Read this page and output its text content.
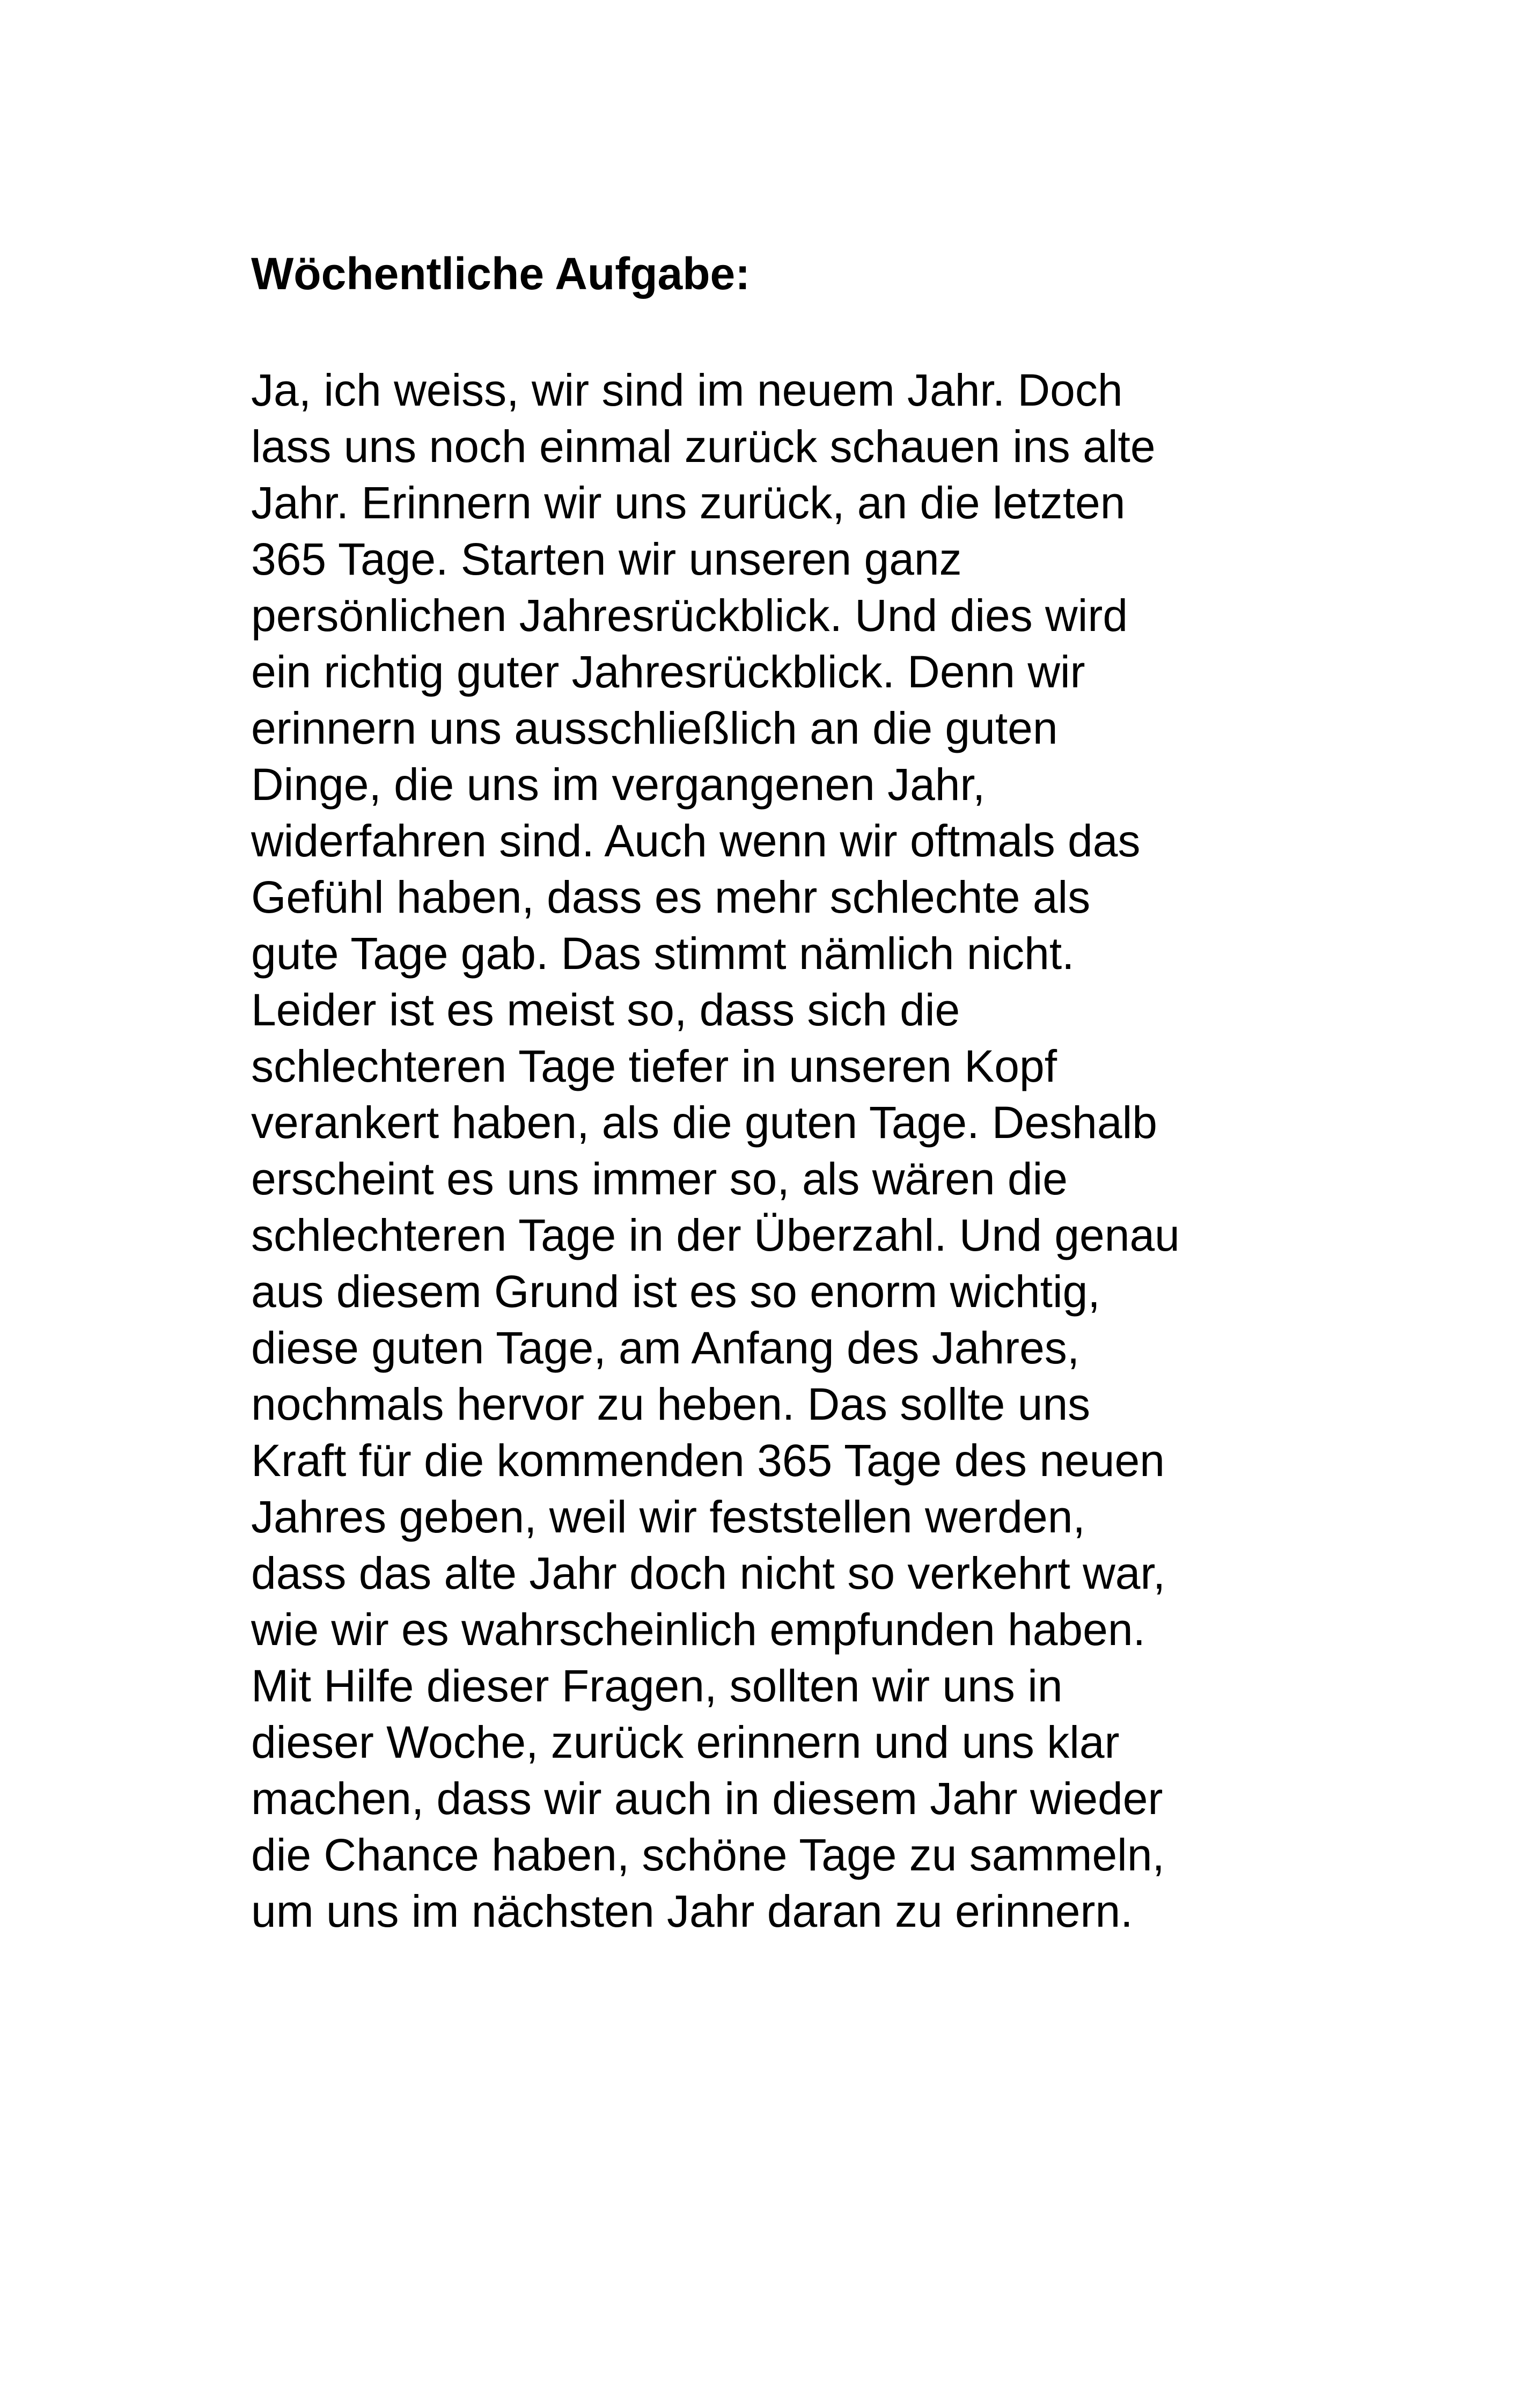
Wöchentliche Aufgabe:
Ja, ich weiss, wir sind im neuem Jahr. Doch
lass uns noch einmal zurück schauen ins alte
Jahr. Erinnern wir uns zurück, an die letzten
365 Tage. Starten wir unseren ganz
persönlichen Jahresrückblick. Und dies wird
ein richtig guter Jahresrückblick. Denn wir
erinnern uns ausschließlich an die guten
Dinge, die uns im vergangenen Jahr,
widerfahren sind. Auch wenn wir oftmals das
Gefühl haben, dass es mehr schlechte als
gute Tage gab. Das stimmt nämlich nicht.
Leider ist es meist so, dass sich die
schlechteren Tage tiefer in unseren Kopf
verankert haben, als die guten Tage. Deshalb
erscheint es uns immer so, als wären die
schlechteren Tage in der Überzahl. Und genau
aus diesem Grund ist es so enorm wichtig,
diese guten Tage, am Anfang des Jahres,
nochmals hervor zu heben. Das sollte uns
Kraft für die kommenden 365 Tage des neuen
Jahres geben, weil wir feststellen werden,
dass das alte Jahr doch nicht so verkehrt war,
wie wir es wahrscheinlich empfunden haben.
Mit Hilfe dieser Fragen, sollten wir uns in
dieser Woche, zurück erinnern und uns klar
machen, dass wir auch in diesem Jahr wieder
die Chance haben, schöne Tage zu sammeln,
um uns im nächsten Jahr daran zu erinnern.
